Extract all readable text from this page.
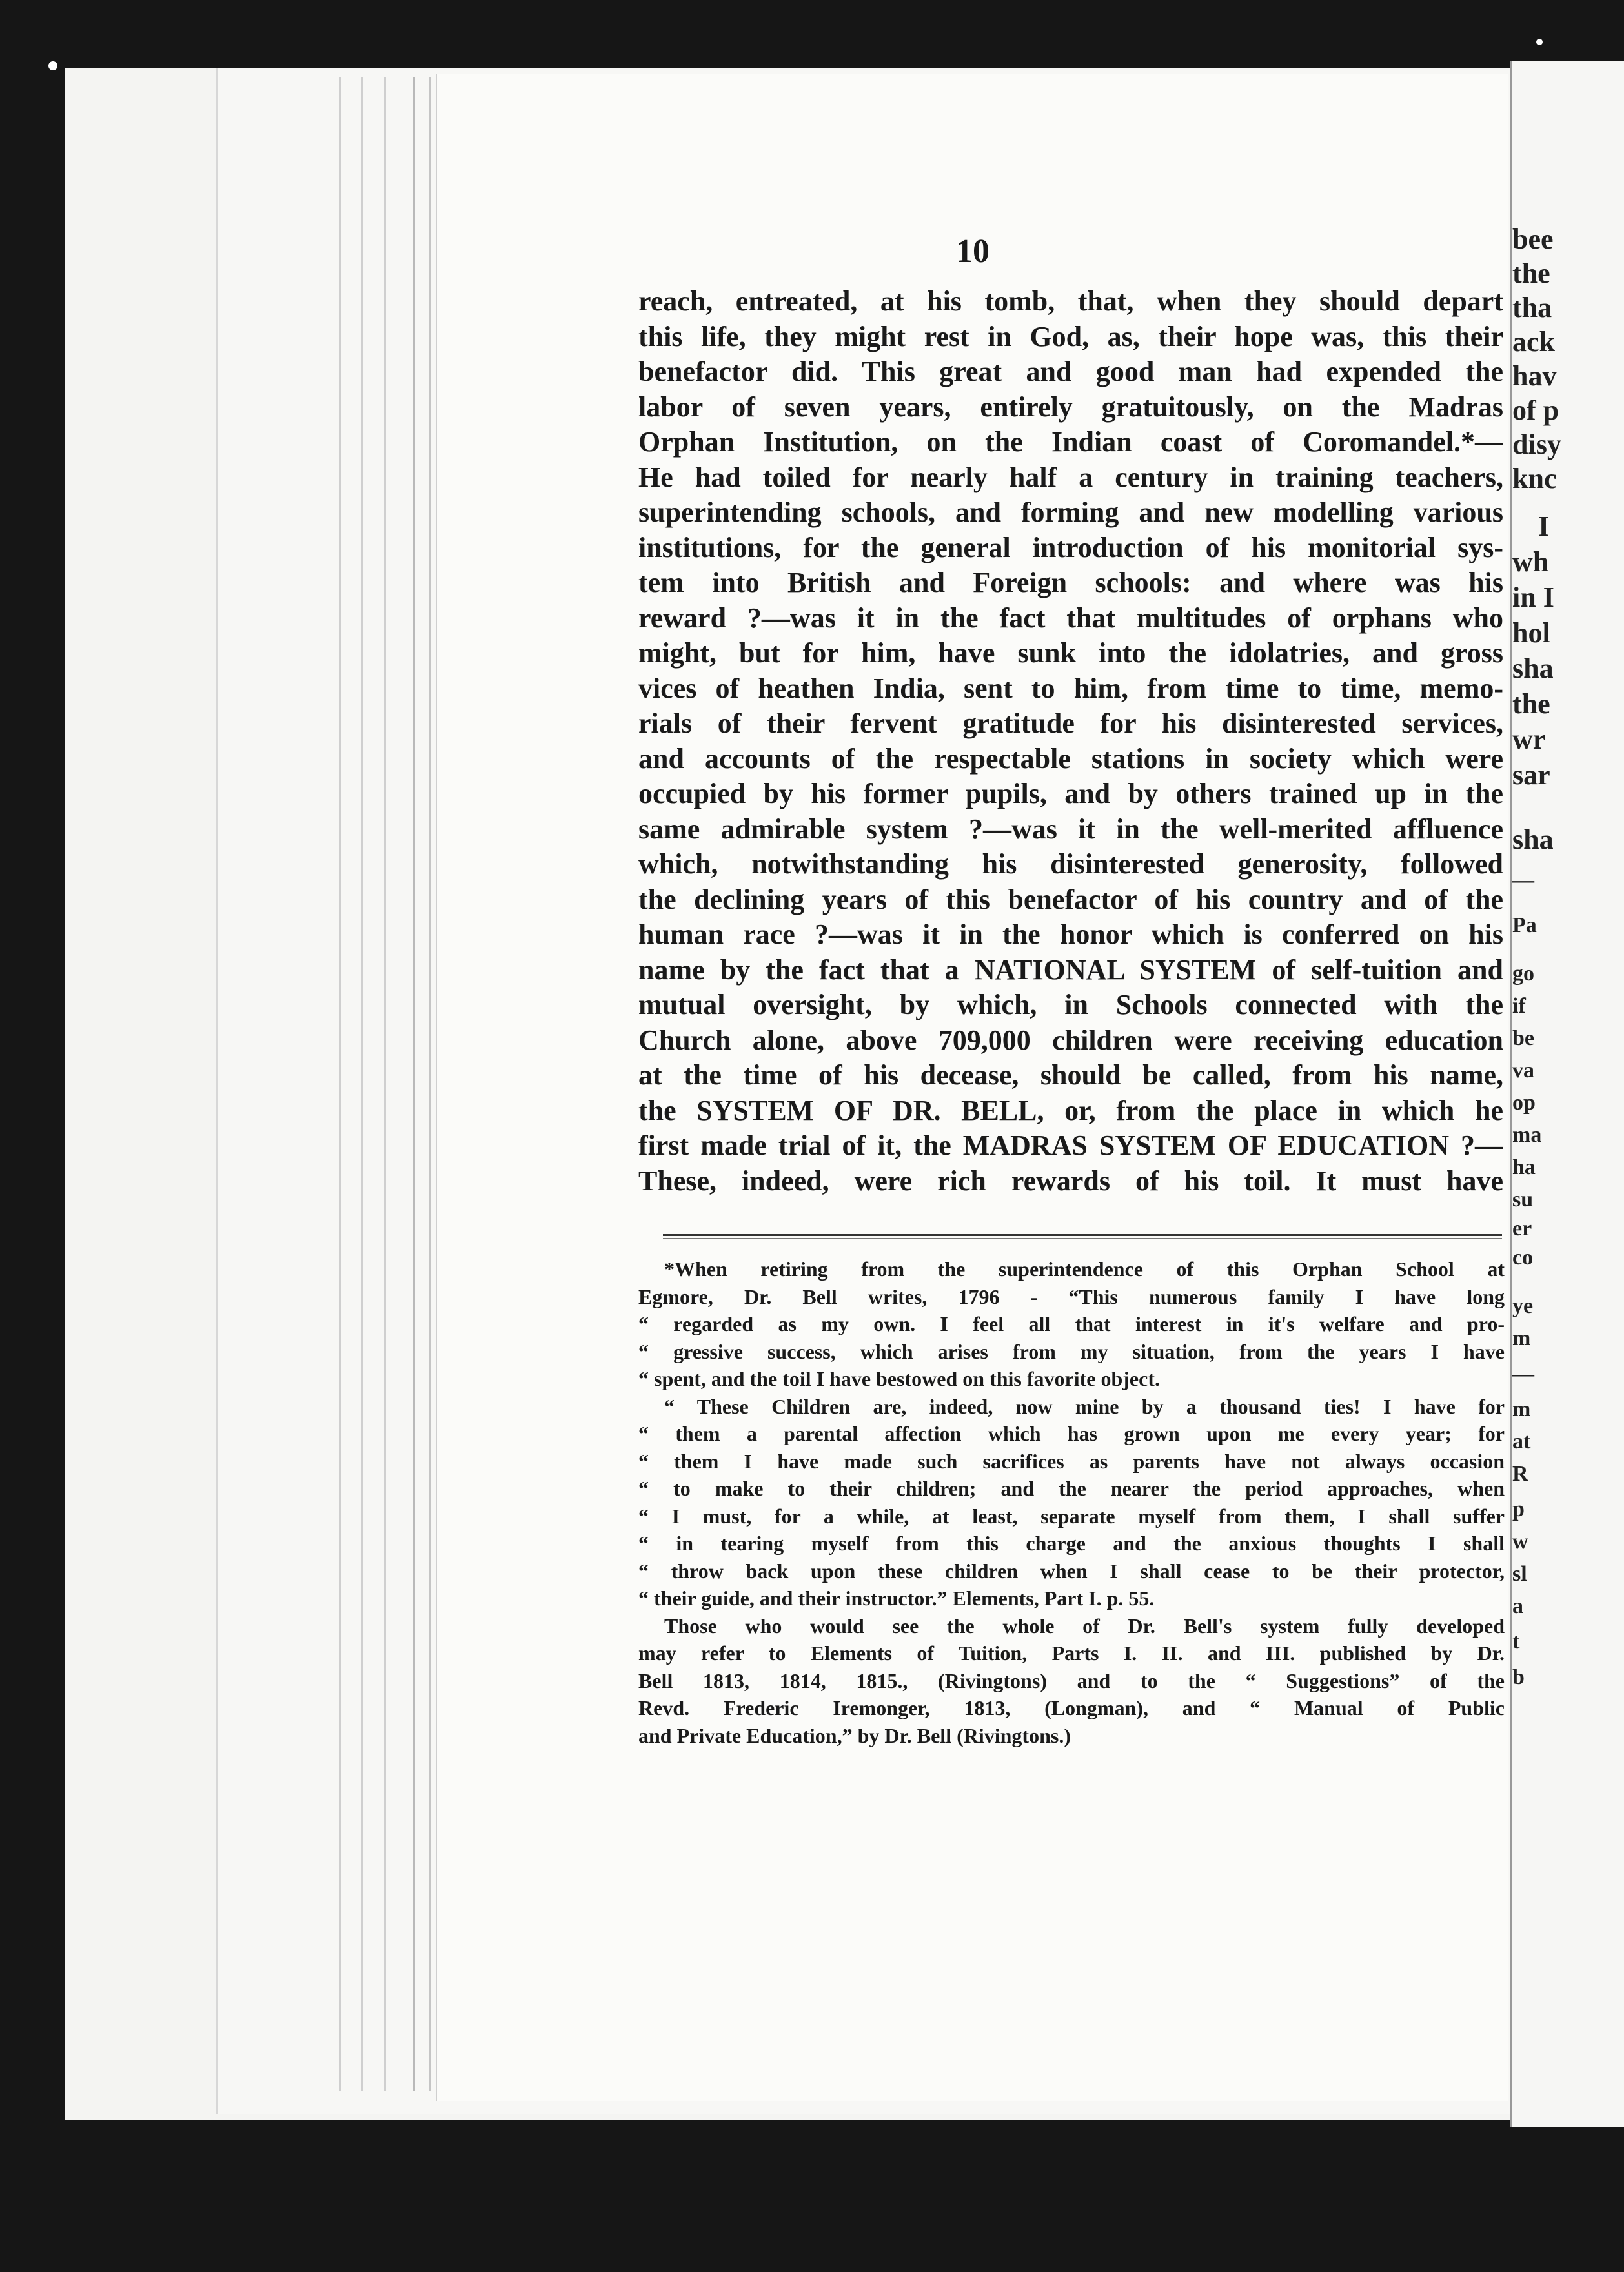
bee
the
tha
ack
hav
of p
disy
knc
I
wh
in I
hol
sha
the
wr
sar
sha
—
Pa
go
if
be
va
op
ma
ha
su
er
co
ye
m
—
m
at
R
p
w
sl
a
t
b
10
reach, entreated, at his tomb, that, when they should depart
this life, they might rest in God, as, their hope was, this their
benefactor did. This great and good man had expended the
labor of seven years, entirely gratuitously, on the Madras
Orphan Institution, on the Indian coast of Coromandel.*—
He had toiled for nearly half a century in training teachers,
superintending schools, and forming and new modelling various
institutions, for the general introduction of his monitorial sys-
tem into British and Foreign schools: and where was his
reward ?—was it in the fact that multitudes of orphans who
might, but for him, have sunk into the idolatries, and gross
vices of heathen India, sent to him, from time to time, memo-
rials of their fervent gratitude for his disinterested services,
and accounts of the respectable stations in society which were
occupied by his former pupils, and by others trained up in the
same admirable system ?—was it in the well-merited affluence
which, notwithstanding his disinterested generosity, followed
the declining years of this benefactor of his country and of the
human race ?—was it in the honor which is conferred on his
name by the fact that a NATIONAL SYSTEM of self-tuition and
mutual oversight, by which, in Schools connected with the
Church alone, above 709,000 children were receiving education
at the time of his decease, should be called, from his name,
the SYSTEM OF DR. BELL, or, from the place in which he
first made trial of it, the MADRAS SYSTEM OF EDUCATION ?—
These, indeed, were rich rewards of his toil. It must have
*When retiring from the superintendence of this Orphan School at
Egmore, Dr. Bell writes, 1796 - “This numerous family I have long
“ regarded as my own. I feel all that interest in it's welfare and pro-
“ gressive success, which arises from my situation, from the years I have
“ spent, and the toil I have bestowed on this favorite object.
“ These Children are, indeed, now mine by a thousand ties! I have for
“ them a parental affection which has grown upon me every year; for
“ them I have made such sacrifices as parents have not always occasion
“ to make to their children; and the nearer the period approaches, when
“ I must, for a while, at least, separate myself from them, I shall suffer
“ in tearing myself from this charge and the anxious thoughts I shall
“ throw back upon these children when I shall cease to be their protector,
“ their guide, and their instructor.” Elements, Part I. p. 55.
Those who would see the whole of Dr. Bell's system fully developed
may refer to Elements of Tuition, Parts I. II. and III. published by Dr.
Bell 1813, 1814, 1815., (Rivingtons) and to the “ Suggestions” of the
Revd. Frederic Iremonger, 1813, (Longman), and “ Manual of Public
and Private Education,” by Dr. Bell (Rivingtons.)
